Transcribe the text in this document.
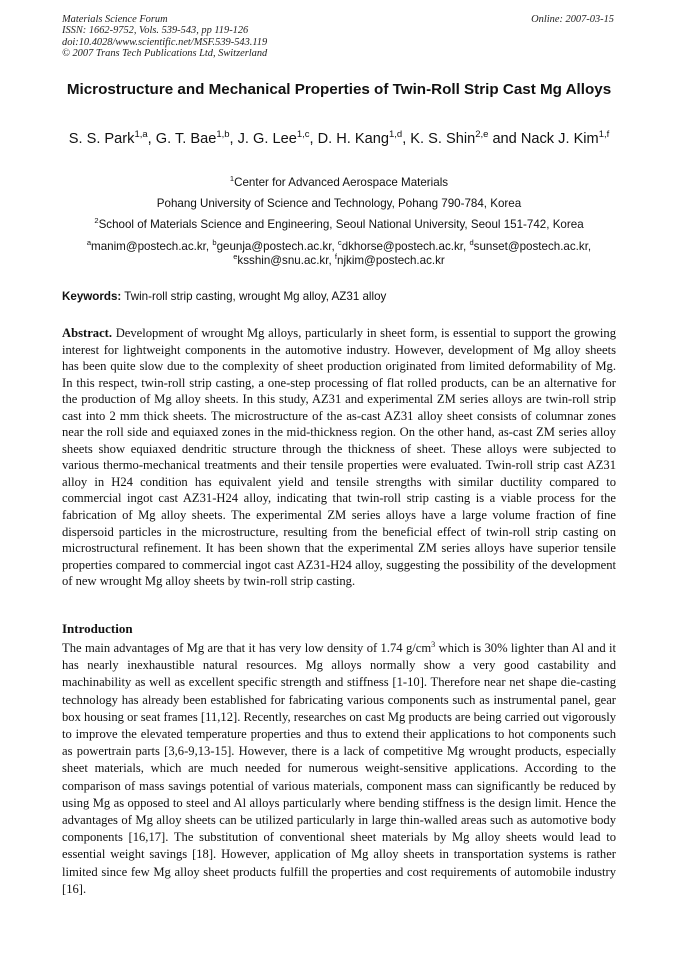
Materials Science Forum
ISSN: 1662-9752, Vols. 539-543, pp 119-126
doi:10.4028/www.scientific.net/MSF.539-543.119
© 2007 Trans Tech Publications Ltd, Switzerland
Online: 2007-03-15
Microstructure and Mechanical Properties of Twin-Roll Strip Cast Mg Alloys
S. S. Park$^{1,a}$, G. T. Bae$^{1,b}$, J. G. Lee$^{1,c}$, D. H. Kang$^{1,d}$, K. S. Shin$^{2,e}$ and Nack J. Kim$^{1,f}$
$^1$Center for Advanced Aerospace Materials
Pohang University of Science and Technology, Pohang 790-784, Korea
$^2$School of Materials Science and Engineering, Seoul National University, Seoul 151-742, Korea
$^a$manim@postech.ac.kr, $^b$geunja@postech.ac.kr, $^c$dkhorse@postech.ac.kr, $^d$sunset@postech.ac.kr,
$^e$ksshin@snu.ac.kr, $^f$njkim@postech.ac.kr
Keywords: Twin-roll strip casting, wrought Mg alloy, AZ31 alloy

Abstract. Development of wrought Mg alloys, particularly in sheet form, is essential to support the growing interest for lightweight components in the automotive industry. However, development of Mg alloy sheets has been quite slow due to the complexity of sheet production originated from limited deformability of Mg. In this respect, twin-roll strip casting, a one-step processing of flat rolled products, can be an alternative for the production of Mg alloy sheets. In this study, AZ31 and experimental ZM series alloys are twin-roll strip cast into 2 mm thick sheets. The microstructure of the as-cast AZ31 alloy sheet consists of columnar zones near the roll side and equiaxed zones in the mid-thickness region. On the other hand, as-cast ZM series alloy sheets show equiaxed dendritic structure through the thickness of sheet. These alloys were subjected to various thermo-mechanical treatments and their tensile properties were evaluated. Twin-roll strip cast AZ31 alloy in H24 condition has equivalent yield and tensile strengths with similar ductility compared to commercial ingot cast AZ31-H24 alloy, indicating that twin-roll strip casting is a viable process for the fabrication of Mg alloy sheets. The experimental ZM series alloys have a large volume fraction of fine dispersoid particles in the microstructure, resulting from the beneficial effect of twin-roll strip casting on microstructural refinement. It has been shown that the experimental ZM series alloys have superior tensile properties compared to commercial ingot cast AZ31-H24 alloy, suggesting the possibility of the development of new wrought Mg alloy sheets by twin-roll strip casting.

Introduction

The main advantages of Mg are that it has very low density of 1.74 $g/cm^3$ which is 30% lighter than Al and it has nearly inexhaustible natural resources. Mg alloys normally show a very good castability and machinability as well as excellent specific strength and stiffness [1-10]. Therefore near net shape die-casting technology has already been established for fabricating various components such as instrumental panel, gear box housing or seat frames [11,12]. Recently, researches on cast Mg products are being carried out vigorously to improve the elevated temperature properties and thus to extend their applications to hot components such as powertrain parts [3,6-9,13-15]. However, there is a lack of competitive Mg wrought products, especially sheet materials, which are much needed for numerous weight-sensitive applications. According to the comparison of mass savings potential of various materials, component mass can significantly be reduced by using Mg as opposed to steel and Al alloys particularly where bending stiffness is the design limit. Hence the advantages of Mg alloy sheets can be utilized particularly in large thin-walled areas such as automotive body components [16,17]. The substitution of conventional sheet materials by Mg alloy sheets would lead to essential weight savings [18]. However, application of Mg alloy sheets in transportation systems is rather limited since few Mg alloy sheet products fulfill the properties and cost requirements of automobile industry [16].
